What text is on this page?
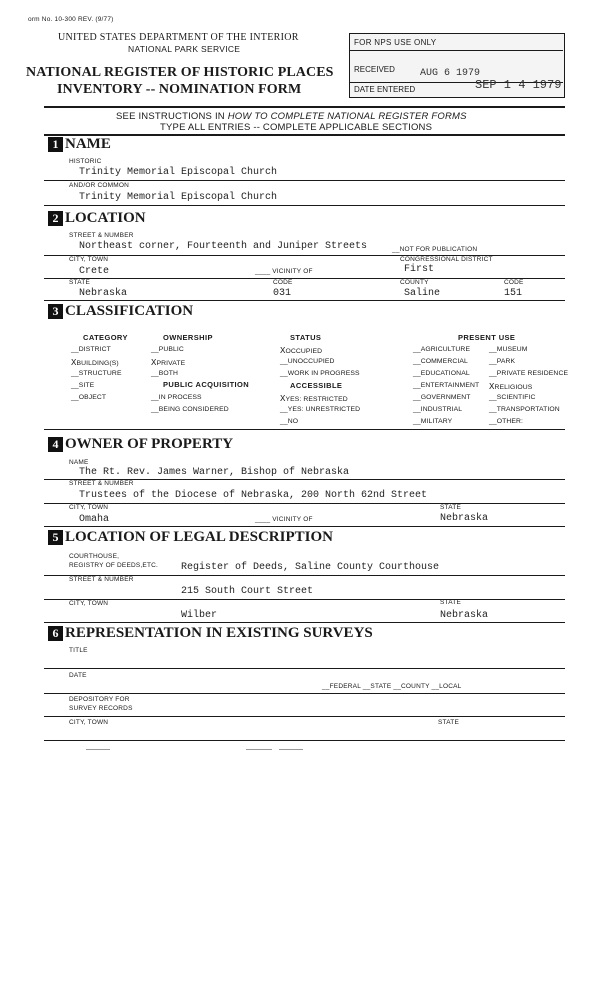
orm No. 10-300 REV. (9/77)
UNITED STATES DEPARTMENT OF THE INTERIOR
NATIONAL PARK SERVICE
NATIONAL REGISTER OF HISTORIC PLACES
INVENTORY -- NOMINATION FORM
FOR NPS USE ONLY
RECEIVED	AUG 6 1979
DATE ENTERED	SEP 1 4 1979
SEE INSTRUCTIONS IN HOW TO COMPLETE NATIONAL REGISTER FORMS
TYPE ALL ENTRIES -- COMPLETE APPLICABLE SECTIONS
1 NAME
HISTORIC
Trinity Memorial Episcopal Church
AND/OR COMMON
Trinity Memorial Episcopal Church
2 LOCATION
STREET & NUMBER
Northeast corner, Fourteenth and Juniper Streets	__NOT FOR PUBLICATION
CITY, TOWN	CONGRESSIONAL DISTRICT
Crete	____ VICINITY OF	First
STATE	CODE	COUNTY	CODE
Nebraska	031	Saline	151
3 CLASSIFICATION
CATEGORY	OWNERSHIP	STATUS	PRESENT USE
PUBLIC ACQUISITION	ACCESSIBLE
__DISTRICT
XBUILDING(S)
__STRUCTURE
__SITE
__OBJECT
__PUBLIC
XPRIVATE
__BOTH
__IN PROCESS
__BEING CONSIDERED
XOCCUPIED
__UNOCCUPIED
__WORK IN PROGRESS
XYES: RESTRICTED
__YES: UNRESTRICTED
__NO
__AGRICULTURE
__COMMERCIAL
__EDUCATIONAL
__ENTERTAINMENT
__GOVERNMENT
__INDUSTRIAL
__MILITARY
__MUSEUM
__PARK
__PRIVATE RESIDENCE
XRELIGIOUS
__SCIENTIFIC
__TRANSPORTATION
__OTHER:
4 OWNER OF PROPERTY
NAME
The Rt. Rev. James Warner, Bishop of Nebraska
STREET & NUMBER
Trustees of the Diocese of Nebraska, 200 North 62nd Street
CITY, TOWN	STATE
Omaha	____ VICINITY OF	Nebraska
5 LOCATION OF LEGAL DESCRIPTION
COURTHOUSE,
REGISTRY OF DEEDS,ETC. Register of Deeds, Saline County Courthouse
STREET & NUMBER
215 South Court Street
CITY, TOWN	STATE
Wilber	Nebraska
6 REPRESENTATION IN EXISTING SURVEYS
TITLE
DATE
__FEDERAL __STATE __COUNTY __LOCAL
DEPOSITORY FOR
SURVEY RECORDS
CITY, TOWN	STATE
